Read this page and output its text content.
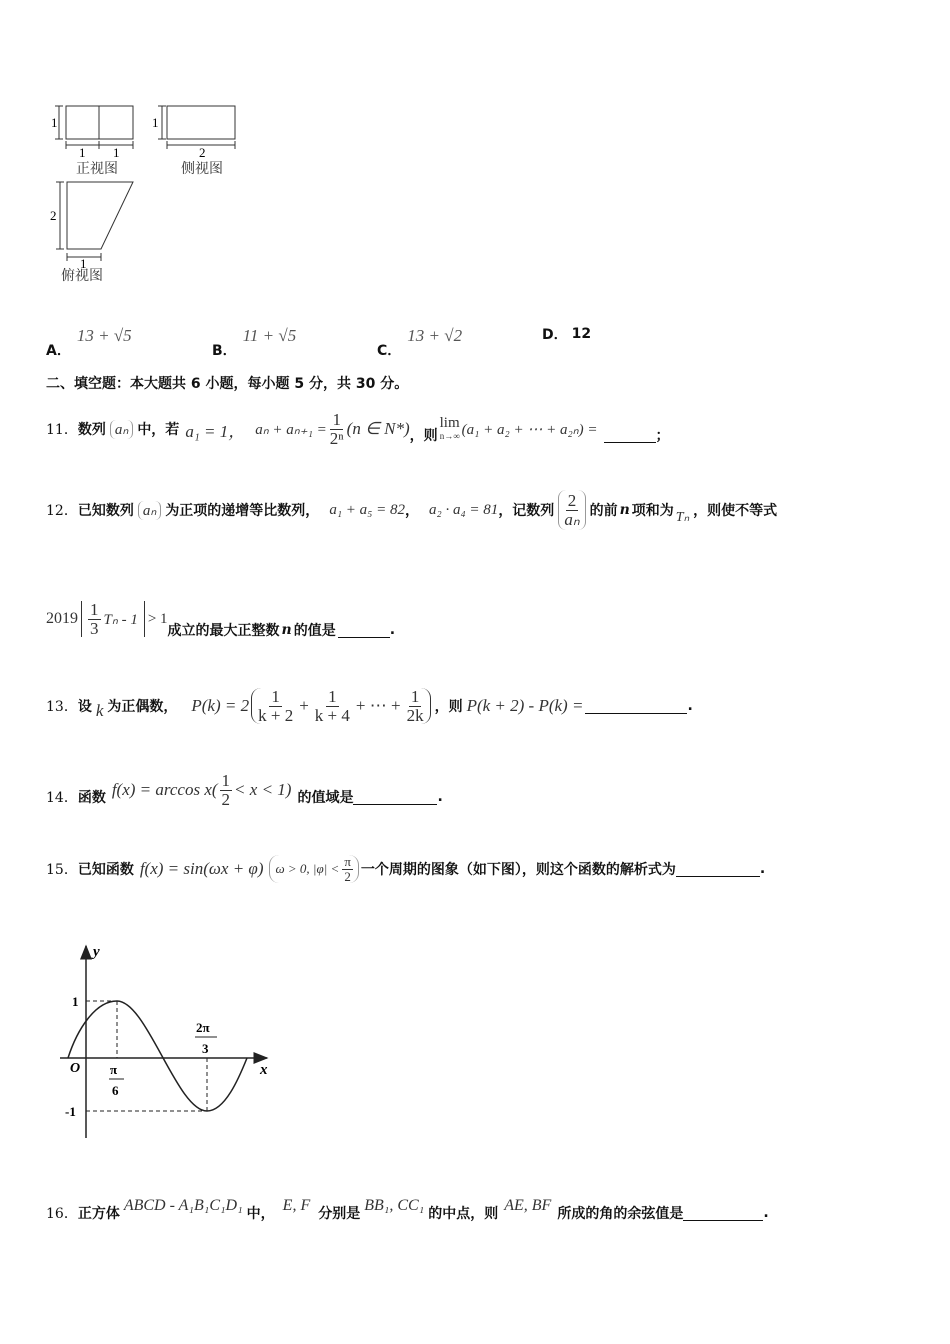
1
1 1
正视图
1
2
侧视图
2
1
俯视图
A．
13 + √5
B．
11 + √5
C．
13 + √2	D． 12
二、填空题：本大题共 6 小题，每小题 5 分，共 30 分。
11． 数列 aₙ 中，若 a₁ = 1， $a_n + a_{n+1} = \frac{1}{\text{2ⁿ}} (n$ ∈ N*) ，则
lim
n→∞ (a₁ + a₂ + ⋯ + a₂ₙ) =	；
12． 已知数列 aₙ 为正项的递增等比数列， a₁ + a₅ = 82 ， a₂ · a₄ = 81 ，记数列 $\frac{2}{\text{aₙ}}$ 的前 n 项和为 Tₙ ，则使不等式
$2019 \frac{1}{3}$ Tₙ - 1 > 1
成立的最大正整数 n 的值是	.
13． 设 k 为正偶数， $P(k) = 2 \frac{1}{k + 2} + \frac{1}{k + 4}$ + ⋯ + $\frac{1}{2k}$ ，则 P(k + 2) - P(k) =	.
14． 函数 $f(x) = \arccos x( \frac{1}{2} < x < 1)$ 的值域是	.
15． 已知函数 f(x) = sin(ωx + φ) ω > 0, $|\varphi| < \frac{\pi}{2}$ 一个周期的图象（如下图），则这个函数的解析式为	.
y
x
O
1
-1
π
6
2π
3
16． 正方体 ABCD - A₁B₁C₁D₁ 中， E, F 分别是 BB₁, CC₁ 的中点，则 AE, BF 所成的角的余弦值是	.
